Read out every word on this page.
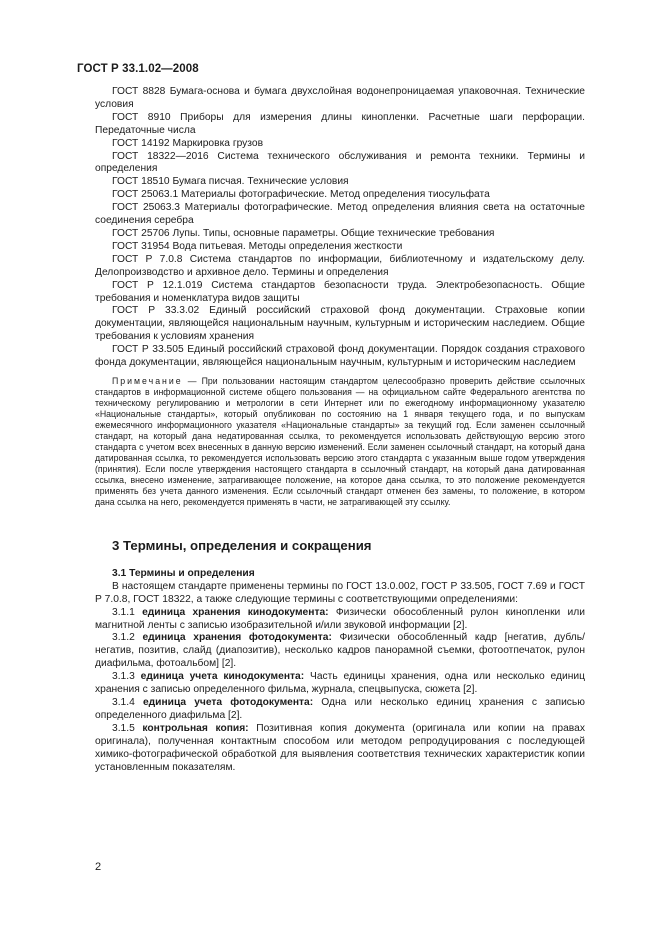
ГОСТ Р 33.1.02—2008

ГОСТ 8828 Бумага-основа и бумага двухслойная водонепроницаемая упаковочная. Технические условия

ГОСТ 8910 Приборы для измерения длины кинопленки. Расчетные шаги перфорации. Передаточные числа

ГОСТ 14192 Маркировка грузов

ГОСТ 18322—2016 Система технического обслуживания и ремонта техники. Термины и определения

ГОСТ 18510 Бумага писчая. Технические условия

ГОСТ 25063.1 Материалы фотографические. Метод определения тиосульфата

ГОСТ 25063.3 Материалы фотографические. Метод определения влияния света на остаточные соединения серебра

ГОСТ 25706 Лупы. Типы, основные параметры. Общие технические требования

ГОСТ 31954 Вода питьевая. Методы определения жесткости

ГОСТ Р 7.0.8 Система стандартов по информации, библиотечному и издательскому делу. Делопроизводство и архивное дело. Термины и определения

ГОСТ Р 12.1.019 Система стандартов безопасности труда. Электробезопасность. Общие требования и номенклатура видов защиты

ГОСТ Р 33.3.02 Единый российский страховой фонд документации. Страховые копии документации, являющейся национальным научным, культурным и историческим наследием. Общие требования к условиям хранения

ГОСТ Р 33.505 Единый российский страховой фонд документации. Порядок создания страхового фонда документации, являющейся национальным научным, культурным и историческим наследием

Примечание — При пользовании настоящим стандартом целесообразно проверить действие ссылочных стандартов в информационной системе общего пользования — на официальном сайте Федерального агентства по техническому регулированию и метрологии в сети Интернет или по ежегодному информационному указателю «Национальные стандарты», который опубликован по состоянию на 1 января текущего года, и по выпускам ежемесячного информационного указателя «Национальные стандарты» за текущий год. Если заменен ссылочный стандарт, на который дана недатированная ссылка, то рекомендуется использовать действующую версию этого стандарта с учетом всех внесенных в данную версию изменений. Если заменен ссылочный стандарт, на который дана датированная ссылка, то рекомендуется использовать версию этого стандарта с указанным выше годом утверждения (принятия). Если после утверждения настоящего стандарта в ссылочный стандарт, на который дана датированная ссылка, внесено изменение, затрагивающее положение, на которое дана ссылка, то это положение рекомендуется применять без учета данного изменения. Если ссылочный стандарт отменен без замены, то положение, в котором дана ссылка на него, рекомендуется применять в части, не затрагивающей эту ссылку.

3 Термины, определения и сокращения
3.1 Термины и определения

В настоящем стандарте применены термины по ГОСТ 13.0.002, ГОСТ Р 33.505, ГОСТ 7.69 и ГОСТ Р 7.0.8, ГОСТ 18322, а также следующие термины с соответствующими определениями:

3.1.1 единица хранения кинодокумента: Физически обособленный рулон кинопленки или магнитной ленты с записью изобразительной и/или звуковой информации [2].

3.1.2 единица хранения фотодокумента: Физически обособленный кадр [негатив, дубль/негатив, позитив, слайд (диапозитив), несколько кадров панорамной съемки, фотоотпечаток, рулон диафильма, фотоальбом] [2].

3.1.3 единица учета кинодокумента: Часть единицы хранения, одна или несколько единиц хранения с записью определенного фильма, журнала, спецвыпуска, сюжета [2].

3.1.4 единица учета фотодокумента: Одна или несколько единиц хранения с записью определенного диафильма [2].

3.1.5 контрольная копия: Позитивная копия документа (оригинала или копии на правах оригинала), полученная контактным способом или методом репродуцирования с последующей химико-фотографической обработкой для выявления соответствия технических характеристик копии установленным показателям.

2
